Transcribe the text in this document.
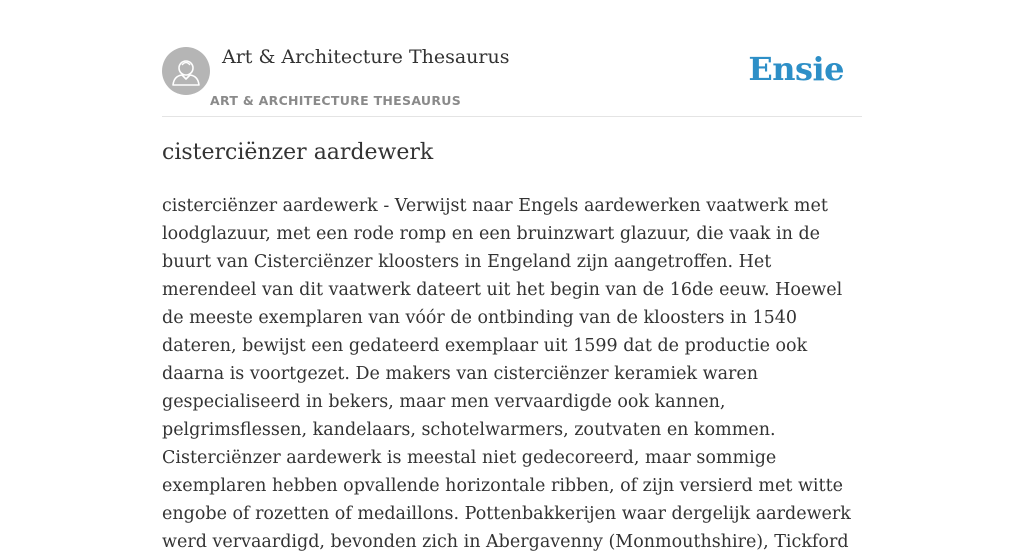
Art & Architecture Thesaurus
ART & ARCHITECTURE THESAURUS
Ensie
cisterciënzer aardewerk

cisterciënzer aardewerk - Verwijst naar Engels aardewerken vaatwerk met loodglazuur, met een rode romp en een bruinzwart glazuur, die vaak in de buurt van Cisterciënzer kloosters in Engeland zijn aangetroffen. Het merendeel van dit vaatwerk dateert uit het begin van de 16de eeuw. Hoewel de meeste exemplaren van vóór de ontbinding van de kloosters in 1540 dateren, bewijst een gedateerd exemplaar uit 1599 dat de productie ook daarna is voortgezet. De makers van cisterciënzer keramiek waren gespecialiseerd in bekers, maar men vervaardigde ook kannen, pelgrimsflessen, kandelaars, schotelwarmers, zoutvaten en kommen. Cisterciënzer aardewerk is meestal niet gedecoreerd, maar sommige exemplaren hebben opvallende horizontale ribben, of zijn versierd met witte engobe of rozetten of medaillons. Pottenbakkerijen waar dergelijk aardewerk werd vervaardigd, bevonden zich in Abergavenny (Monmouthshire), Tickford
